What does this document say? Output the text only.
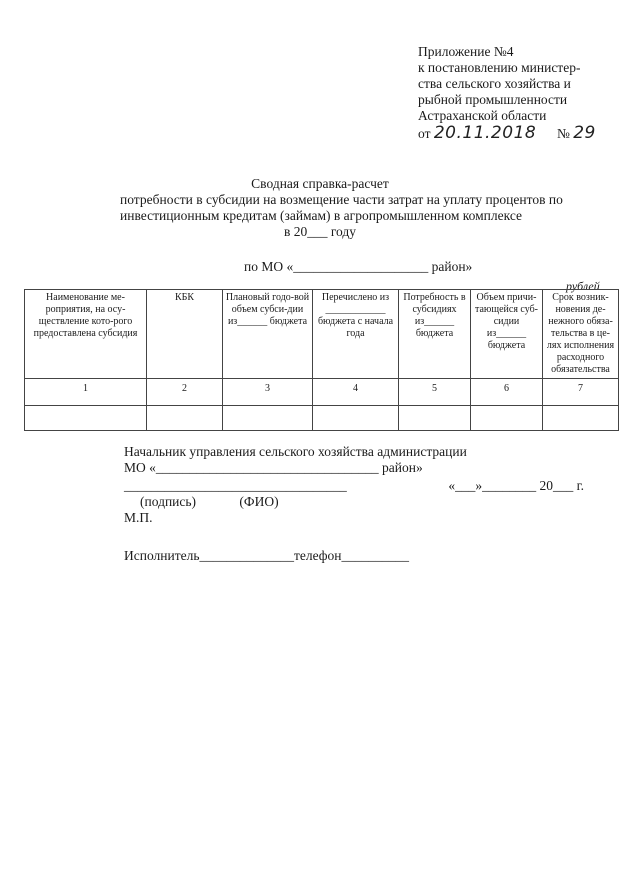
Приложение №4
к постановлению министер-
ства сельского хозяйства и
рыбной промышленности
Астраханской области
от 20.11.2018 № 29
Сводная справка-расчет
потребности в субсидии на возмещение части затрат на уплату процентов по
инвестиционным кредитам (займам) в агропромышленном комплексе
в 20___ году
по МО «____________________ район»
рублей
Наименование ме-роприятия, на осу-ществление кото-рого предоставлена субсидия	КБК	Плановый годо-вой объем субси-дии из______ бюджета	Перечислено из ____________ бюджета с начала года	Потребность в субсидиях из______ бюджета	Объем причи-тающейся суб-сидии из______ бюджета	Срок возник-новения де-нежного обяза-тельства в це-лях исполнения расходного обязательства
1	2	3	4	5	6	7

Начальник управления сельского хозяйства администрации
МО «_________________________________ район»
_________________________________	«___»________ 20___ г.
(подпись)	(ФИО)
М.П.
Исполнитель______________телефон__________
